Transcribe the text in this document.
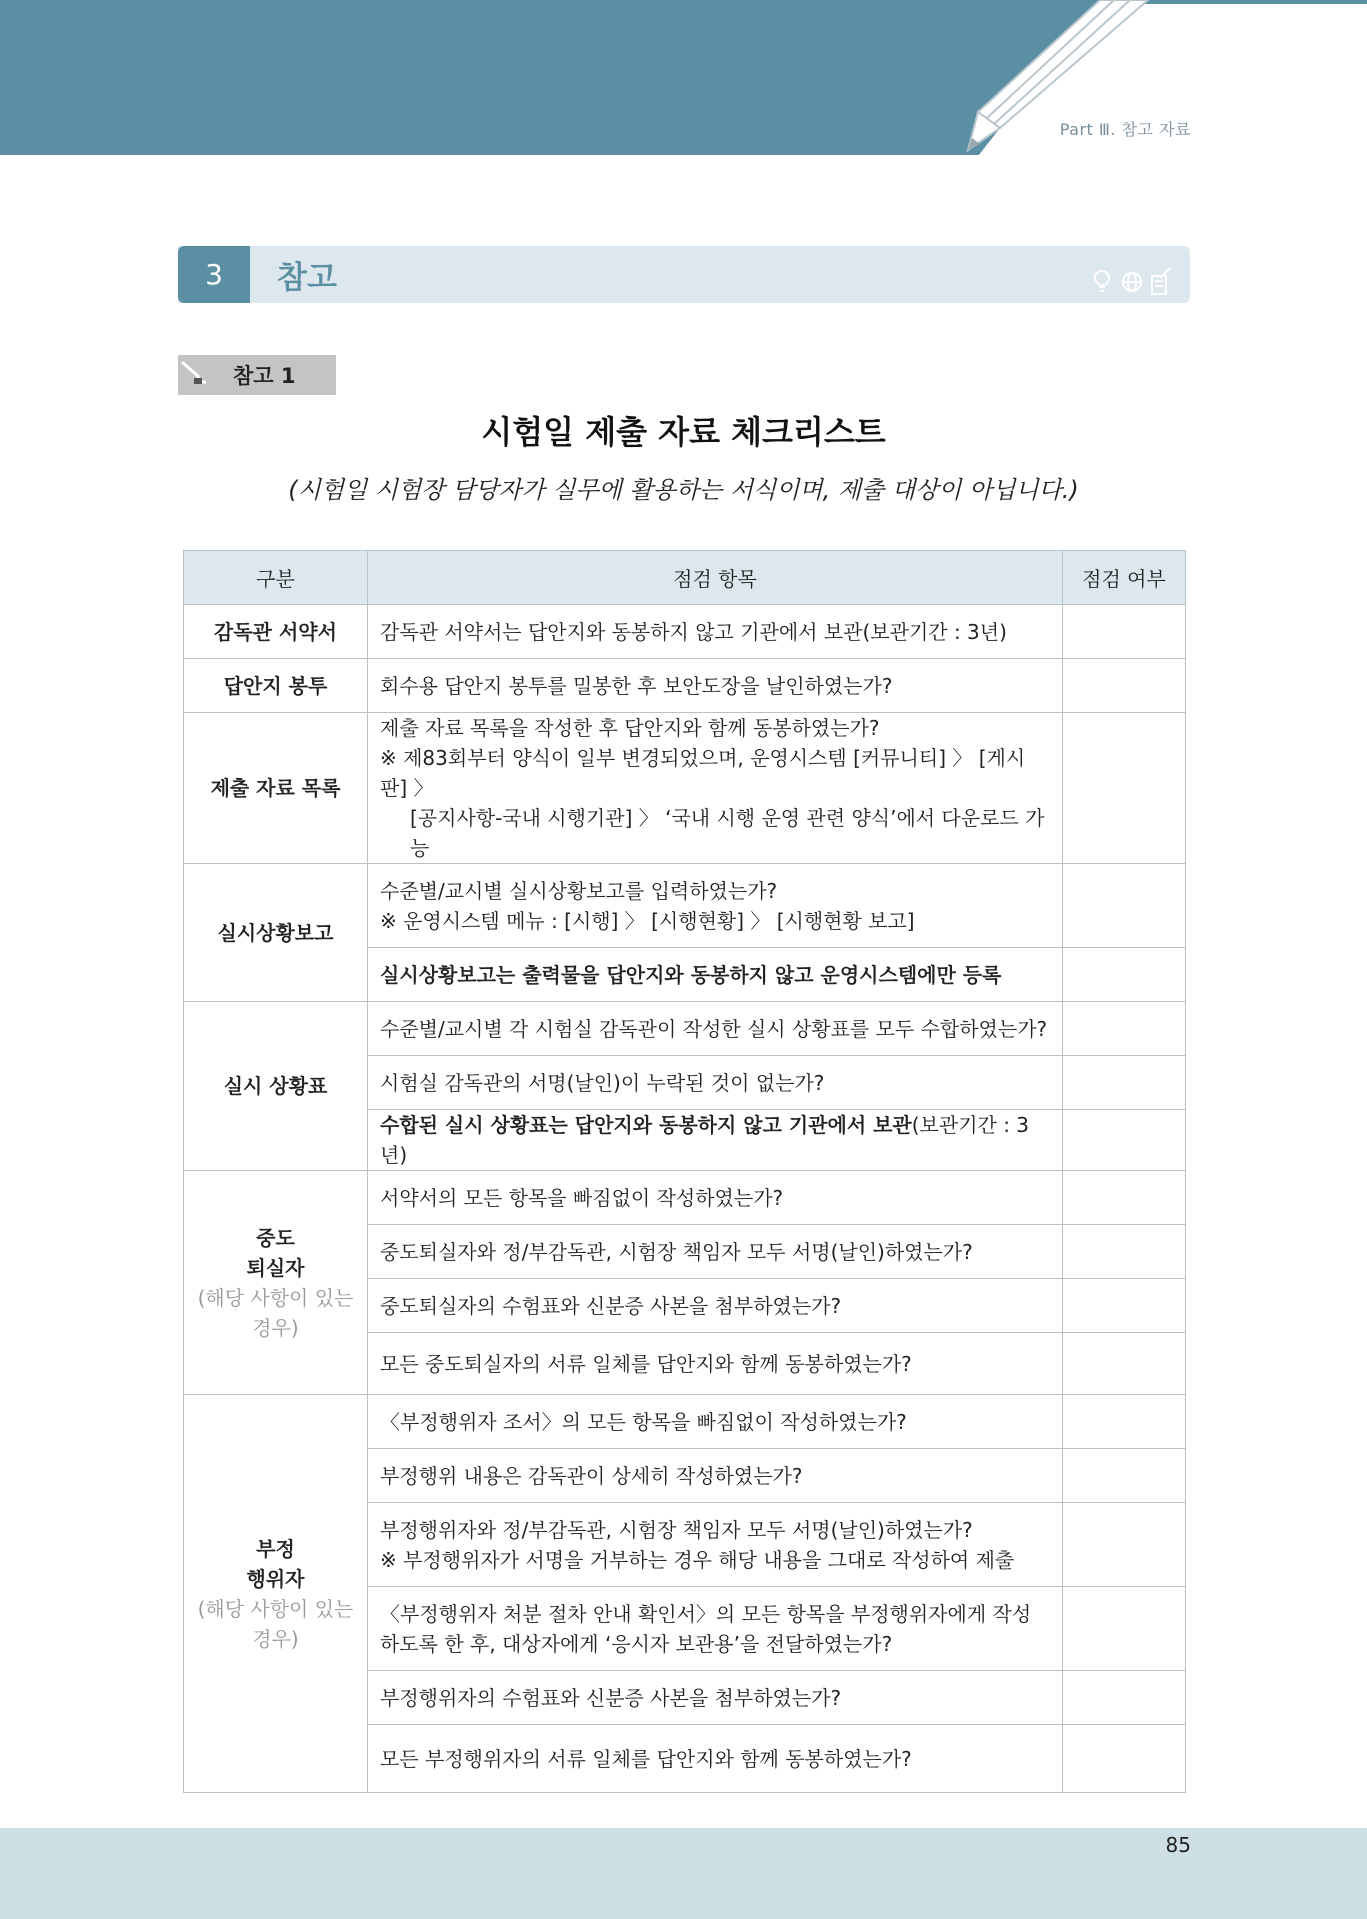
Part Ⅲ. 참고 자료
3	참고
참고 1
시험일 제출 자료 체크리스트
(시험일 시험장 담당자가 실무에 활용하는 서식이며, 제출 대상이 아닙니다.)
구분	점검 항목	점검 여부

감독관 서약서	감독관 서약서는 답안지와 동봉하지 않고 기관에서 보관(보관기간 : 3년)	

답안지 봉투	회수용 답안지 봉투를 밀봉한 후 보안도장을 날인하였는가?	

제출 자료 목록	제출 자료 목록을 작성한 후 답안지와 함께 동봉하였는가?
※ 제83회부터 양식이 일부 변경되었으며, 운영시스템 [커뮤니티] 〉 [게시판] 〉
[공지사항-국내 시행기관] 〉 ‘국내 시행 운영 관련 양식’에서 다운로드 가능	

실시상황보고	수준별/교시별 실시상황보고를 입력하였는가?
※ 운영시스템 메뉴 : [시행] 〉 [시행현황] 〉 [시행현황 보고]	

	실시상황보고는 출력물을 답안지와 동봉하지 않고 운영시스템에만 등록	

실시 상황표	수준별/교시별 각 시험실 감독관이 작성한 실시 상황표를 모두 수합하였는가?	
	시험실 감독관의 서명(날인)이 누락된 것이 없는가?	
	수합된 실시 상황표는 답안지와 동봉하지 않고 기관에서 보관(보관기간 : 3년)	

중도
퇴실자
(해당 사항이 있는
경우)	서약서의 모든 항목을 빠짐없이 작성하였는가?	
	중도퇴실자와 정/부감독관, 시험장 책임자 모두 서명(날인)하였는가?	
	중도퇴실자의 수험표와 신분증 사본을 첨부하였는가?	
	모든 중도퇴실자의 서류 일체를 답안지와 함께 동봉하였는가?	

부정
행위자
(해당 사항이 있는
경우)	〈부정행위자 조서〉의 모든 항목을 빠짐없이 작성하였는가?	
	부정행위 내용은 감독관이 상세히 작성하였는가?	

	부정행위자와 정/부감독관, 시험장 책임자 모두 서명(날인)하였는가?
※ 부정행위자가 서명을 거부하는 경우 해당 내용을 그대로 작성하여 제출	

	〈부정행위자 처분 절차 안내 확인서〉의 모든 항목을 부정행위자에게 작성
하도록 한 후, 대상자에게 ‘응시자 보관용’을 전달하였는가?	

	부정행위자의 수험표와 신분증 사본을 첨부하였는가?	
	모든 부정행위자의 서류 일체를 답안지와 함께 동봉하였는가?	
85
